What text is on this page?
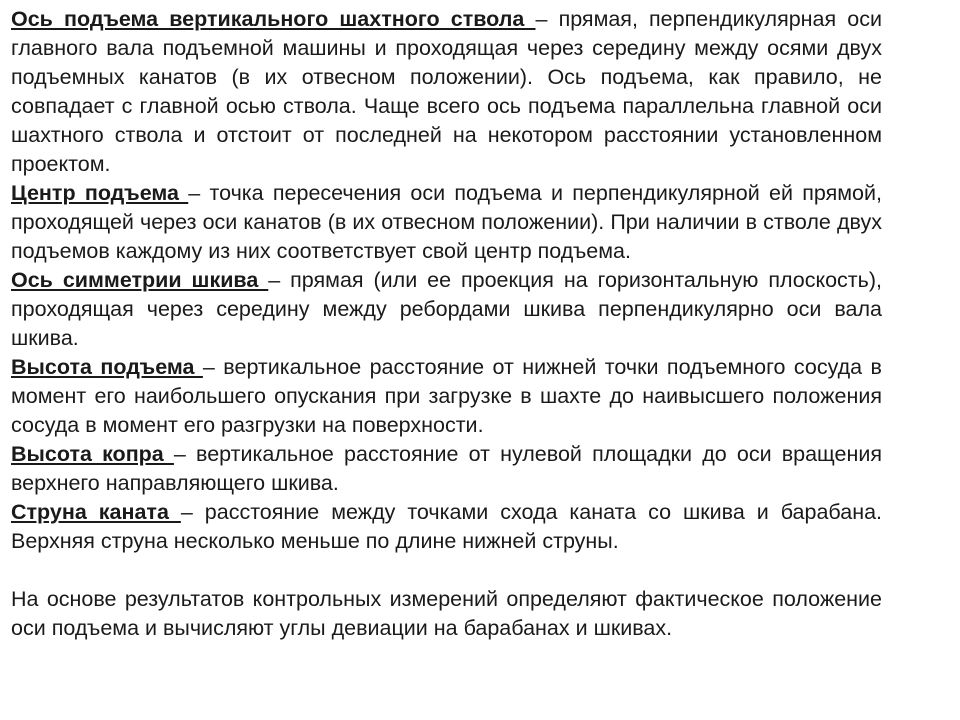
Ось подъема вертикального шахтного ствола – прямая, перпендикулярная оси главного вала подъемной машины и проходящая через середину между осями двух подъемных канатов (в их отвесном положении). Ось подъема, как правило, не совпадает с главной осью ствола. Чаще всего ось подъема параллельна главной оси шахтного ствола и отстоит от последней на некотором расстоянии установленном проектом.

Центр подъема – точка пересечения оси подъема и перпендикулярной ей прямой, проходящей через оси канатов (в их отвесном положении). При наличии в стволе двух подъемов каждому из них соответствует свой центр подъема.

Ось симметрии шкива – прямая (или ее проекция на горизонтальную плоскость), проходящая через середину между ребордами шкива перпендикулярно оси вала шкива.

Высота подъема – вертикальное расстояние от нижней точки подъемного сосуда в момент его наибольшего опускания при загрузке в шахте до наивысшего положения сосуда в момент его разгрузки на поверхности.

Высота копра – вертикальное расстояние от нулевой площадки до оси вращения верхнего направляющего шкива.

Струна каната – расстояние между точками схода каната со шкива и барабана. Верхняя струна несколько меньше по длине нижней струны.

На основе результатов контрольных измерений определяют фактическое положение оси подъема и вычисляют углы девиации на барабанах и шкивах.
